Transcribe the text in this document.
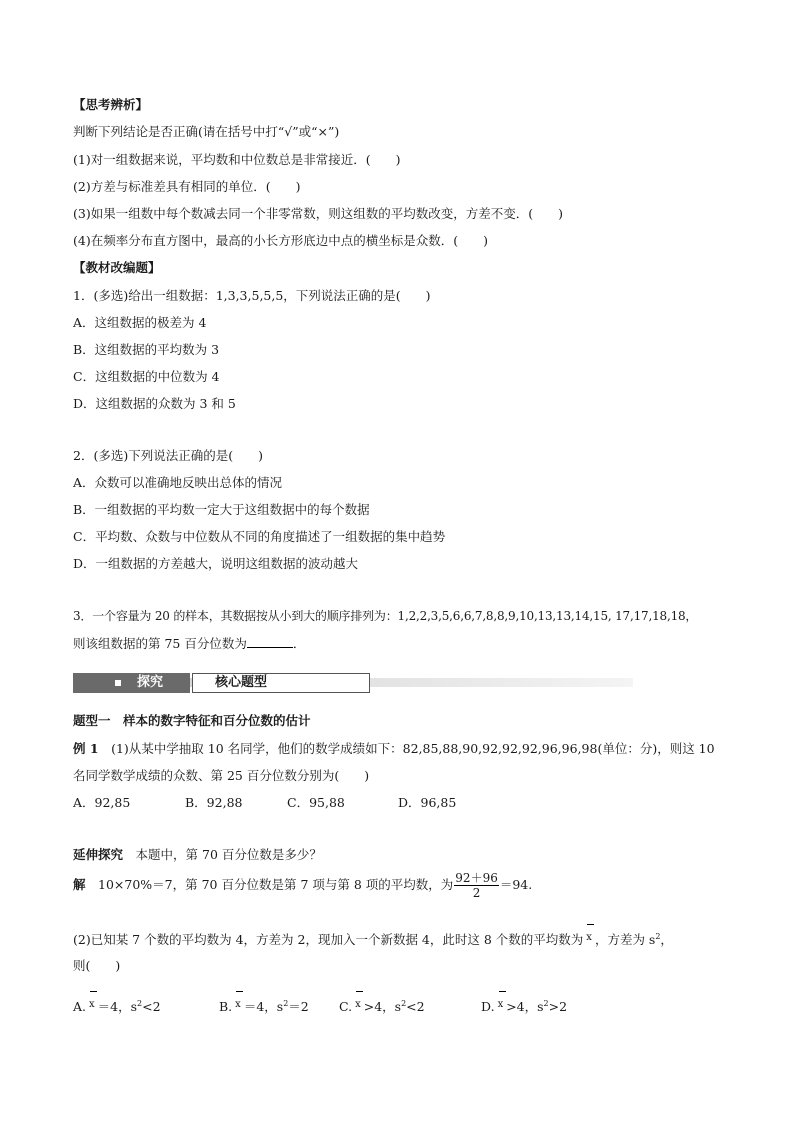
【思考辨析】
判断下列结论是否正确(请在括号中打“√”或“×”)
(1)对一组数据来说，平均数和中位数总是非常接近．(　　)
(2)方差与标准差具有相同的单位．(　　)
(3)如果一组数中每个数减去同一个非零常数，则这组数的平均数改变，方差不变．(　　)
(4)在频率分布直方图中，最高的小长方形底边中点的横坐标是众数．(　　)
【教材改编题】
1．(多选)给出一组数据：1,3,3,5,5,5，下列说法正确的是(　　)
A．这组数据的极差为 4
B．这组数据的平均数为 3
C．这组数据的中位数为 4
D．这组数据的众数为 3 和 5
2．(多选)下列说法正确的是(　　)
A．众数可以准确地反映出总体的情况
B．一组数据的平均数一定大于这组数据中的每个数据
C．平均数、众数与中位数从不同的角度描述了一组数据的集中趋势
D．一组数据的方差越大，说明这组数据的波动越大
3．一个容量为 20 的样本，其数据按从小到大的顺序排列为：1,2,2,3,5,6,6,7,8,8,9,10,13,13,14,15, 17,17,18,18，
则该组数据的第 75 百分位数为	．
探究	核心题型
题型一　样本的数字特征和百分位数的估计
例 1　(1)从某中学抽取 10 名同学，他们的数学成绩如下：82,85,88,90,92,92,92,96,96,98(单位：分)，则这 10
名同学数学成绩的众数、第 25 百分位数分别为(　　)
A．92,85	B．92,88	C．95,88	D．96,85
延伸探究　本题中，第 70 百分位数是多少？
解　10×70%＝7，第 70 百分位数是第 7 项与第 8 项的平均数，为 $\frac{92+96}{2} =94$.
(2)已知某 7 个数的平均数为 4，方差为 2，现加入一个新数据 4，此时这 8 个数的平均数为 x ，方差为 $s^2$，
则(　　)
A. x ＝4，$s^2<2$	B. x ＝4，$s^2=2$ C. x >4，$s^2<2$	D. x >4，$s^2>2$
